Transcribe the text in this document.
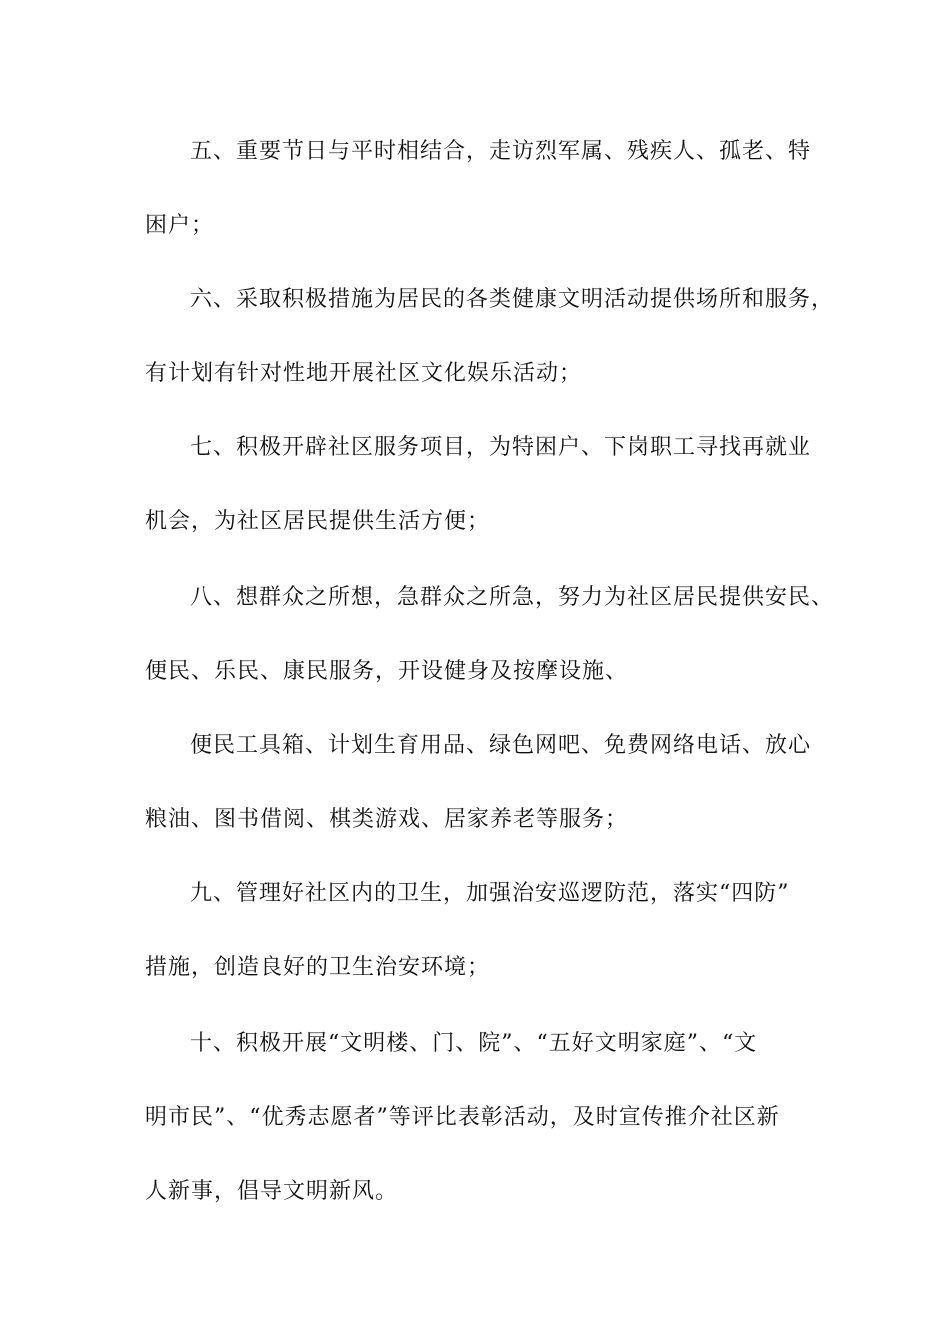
五、重要节日与平时相结合，走访烈军属、残疾人、孤老、特
困户；
六、采取积极措施为居民的各类健康文明活动提供场所和服务，
有计划有针对性地开展社区文化娱乐活动；
七、积极开辟社区服务项目，为特困户、下岗职工寻找再就业
机会，为社区居民提供生活方便；
八、想群众之所想，急群众之所急，努力为社区居民提供安民、
便民、乐民、康民服务，开设健身及按摩设施、
便民工具箱、计划生育用品、绿色网吧、免费网络电话、放心
粮油、图书借阅、棋类游戏、居家养老等服务；
九、管理好社区内的卫生，加强治安巡逻防范，落实“四防”
措施，创造良好的卫生治安环境；
十、积极开展“文明楼、门、院”、“五好文明家庭”、“文
明市民”、“优秀志愿者”等评比表彰活动，及时宣传推介社区新
人新事，倡导文明新风。
